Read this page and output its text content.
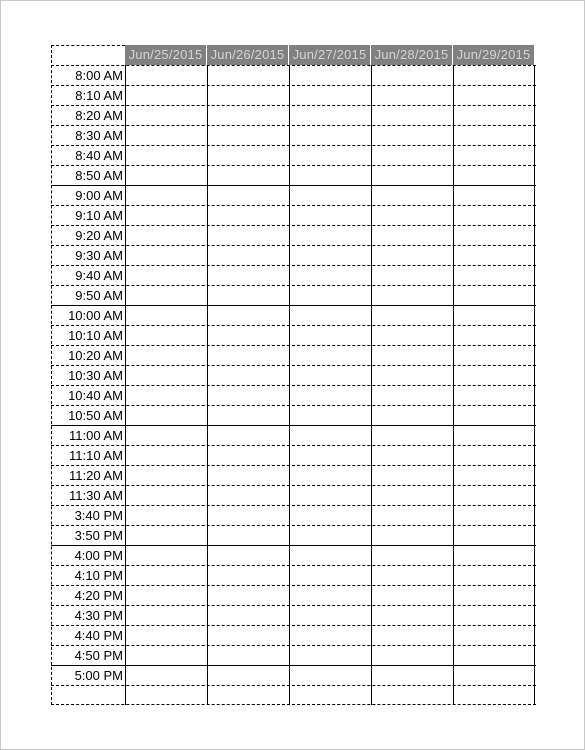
Jun/25/2015 Jun/26/2015 Jun/27/2015 Jun/28/2015 Jun/29/2015
8:00 AM
8:10 AM
8:20 AM
8:30 AM
8:40 AM
8:50 AM
9:00 AM
9:10 AM
9:20 AM
9:30 AM
9:40 AM
9:50 AM
10:00 AM
10:10 AM
10:20 AM
10:30 AM
10:40 AM
10:50 AM
11:00 AM
11:10 AM
11:20 AM
11:30 AM
3:40 PM
3:50 PM
4:00 PM
4:10 PM
4:20 PM
4:30 PM
4:40 PM
4:50 PM
5:00 PM
